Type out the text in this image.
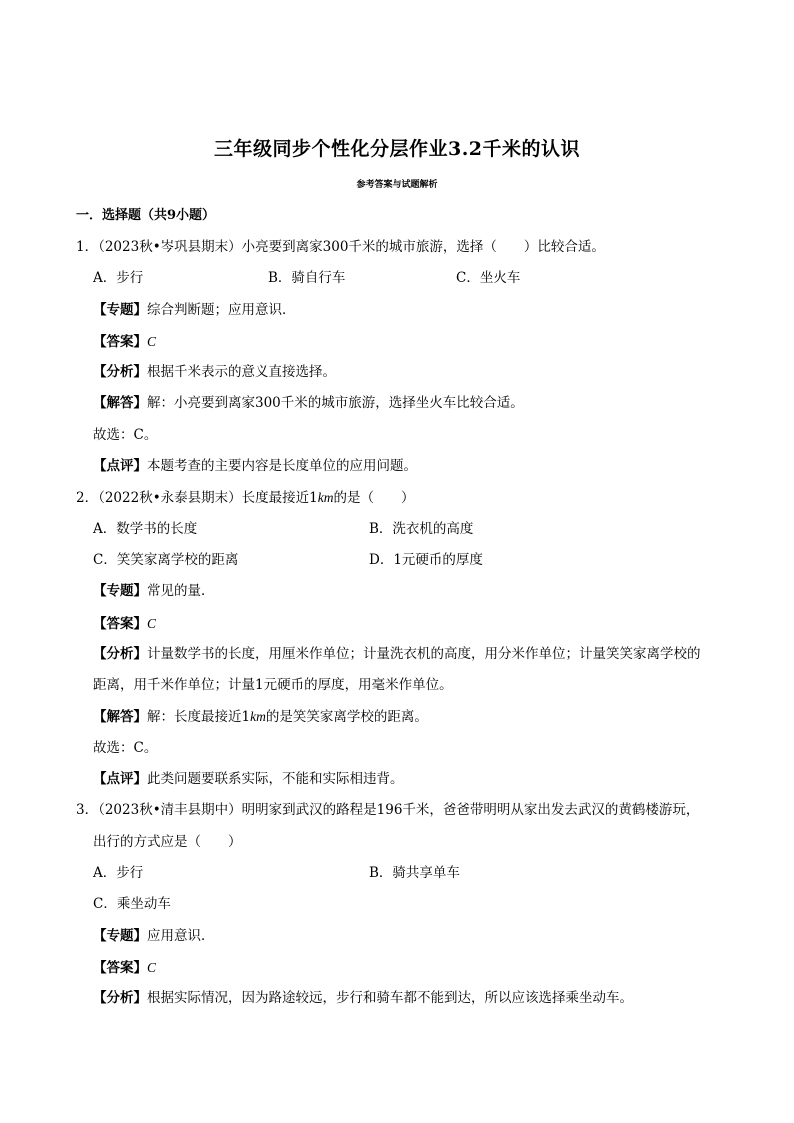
三年级同步个性化分层作业3.2千米的认识
参考答案与试题解析
一．选择题（共9小题）
1．（2023秋•岑巩县期末）小亮要到离家300千米的城市旅游，选择（　　）比较合适。
A．步行	B．骑自行车	C．坐火车
【专题】综合判断题；应用意识．
【答案】C
【分析】根据千米表示的意义直接选择。
【解答】解：小亮要到离家300千米的城市旅游，选择坐火车比较合适。
故选：C。
【点评】本题考查的主要内容是长度单位的应用问题。
2．（2022秋•永泰县期末）长度最接近1km的是（　　）
A．数学书的长度	B．洗衣机的高度
C．笑笑家离学校的距离	D．1元硬币的厚度
【专题】常见的量．
【答案】C
【分析】计量数学书的长度，用厘米作单位；计量洗衣机的高度，用分米作单位；计量笑笑家离学校的
距离，用千米作单位；计量1元硬币的厚度，用毫米作单位。
【解答】解：长度最接近1km的是笑笑家离学校的距离。
故选：C。
【点评】此类问题要联系实际，不能和实际相违背。
3．（2023秋•清丰县期中）明明家到武汉的路程是196千米，爸爸带明明从家出发去武汉的黄鹤楼游玩，
出行的方式应是（　　）
A．步行	B．骑共享单车
C．乘坐动车
【专题】应用意识．
【答案】C
【分析】根据实际情况，因为路途较远，步行和骑车都不能到达，所以应该选择乘坐动车。
